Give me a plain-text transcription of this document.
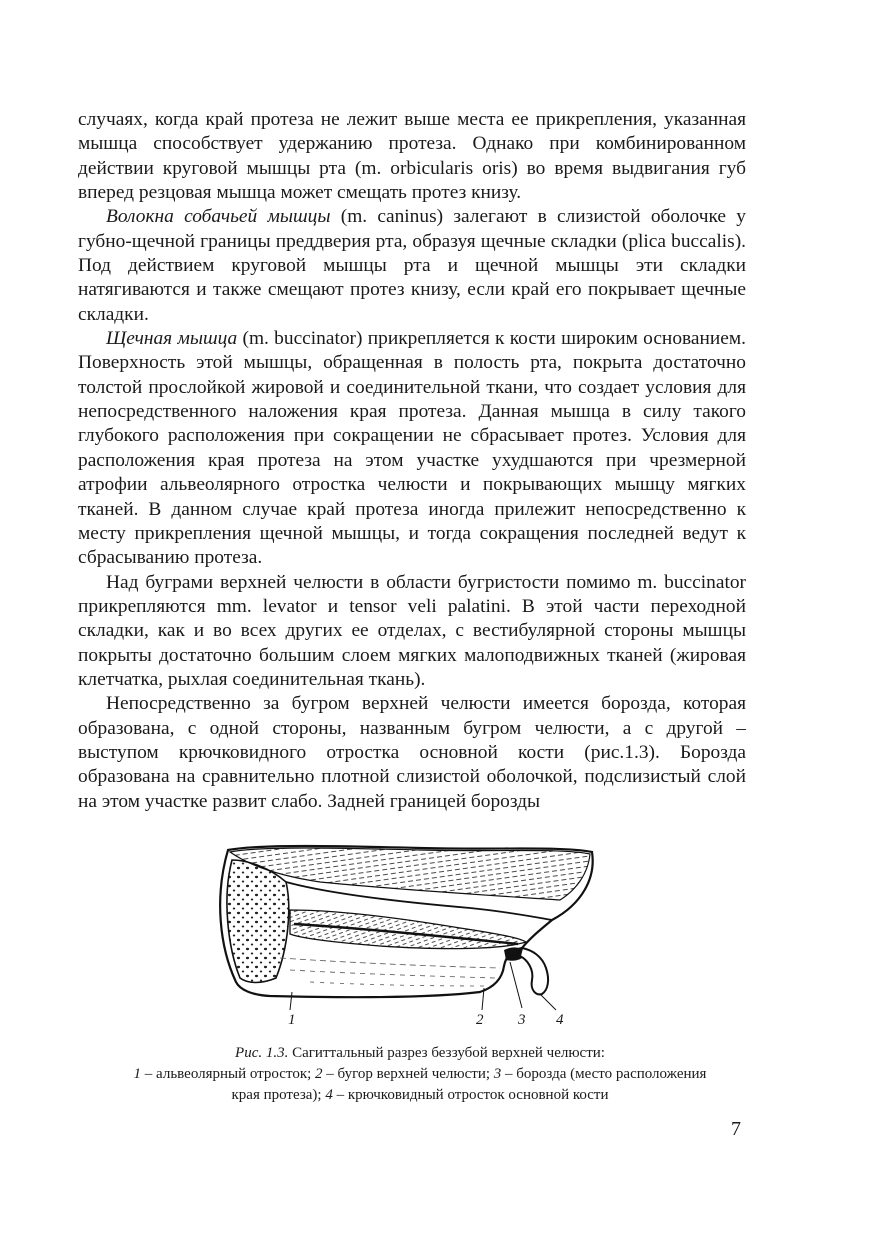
случаях, когда край протеза не лежит выше места ее прикрепления, указанная мышца способствует удержанию протеза. Однако при комбинированном действии круговой мышцы рта (m. orbicularis oris) во время выдвигания губ вперед резцовая мышца может смещать протез книзу.

Волокна собачьей мышцы (m. caninus) залегают в слизистой оболочке у губно-щечной границы преддверия рта, образуя щечные складки (plica buccalis). Под действием круговой мышцы рта и щечной мышцы эти складки натягиваются и также смещают протез книзу, если край его покрывает щечные складки.

Щечная мышца (m. buccinator) прикрепляется к кости широким основанием. Поверхность этой мышцы, обращенная в полость рта, покрыта достаточно толстой прослойкой жировой и соединительной ткани, что создает условия для непосредственного наложения края протеза. Данная мышца в силу такого глубокого расположения при сокращении не сбрасывает протез. Условия для расположения края протеза на этом участке ухудшаются при чрезмерной атрофии альвеолярного отростка челюсти и покрывающих мышцу мягких тканей. В данном случае край протеза иногда прилежит непосредственно к месту прикрепления щечной мышцы, и тогда сокращения последней ведут к сбрасыванию протеза.

Над буграми верхней челюсти в области бугристости помимо m. buccinator прикрепляются mm. levator и tensor veli palatini. В этой части переходной складки, как и во всех других ее отделах, с вестибулярной стороны мышцы покрыты достаточно большим слоем мягких малоподвижных тканей (жировая клетчатка, рыхлая соединительная ткань).

Непосредственно за бугром верхней челюсти имеется борозда, которая образована, с одной стороны, названным бугром челюсти, а с другой – выступом крючковидного отростка основной кости (рис.1.3). Борозда образована на сравнительно плотной слизистой оболочкой, подслизистый слой на этом участке развит слабо. Задней границей борозды

1	2 3 4
Рис. 1.3. Сагиттальный разрез беззубой верхней челюсти:
1 – альвеолярный отросток; 2 – бугор верхней челюсти; 3 – борозда (место расположения края протеза); 4 – крючковидный отросток основной кости
7
